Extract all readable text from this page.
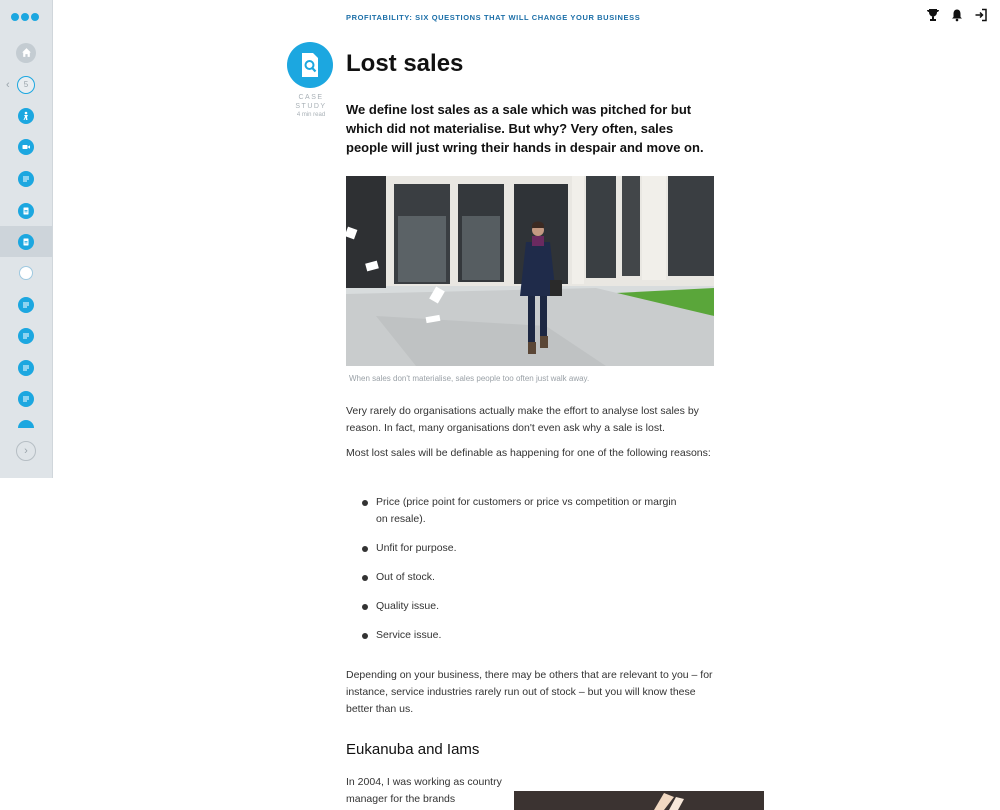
‹ 5
›
PROFITABILITY: SIX QUESTIONS THAT WILL CHANGE YOUR BUSINESS
CASE STUDY
4 min read
Lost sales

We define lost sales as a sale which was pitched for but which did not materialise. But why? Very often, sales people will just wring their hands in despair and move on.

When sales don't materialise, sales people too often just walk away.

Very rarely do organisations actually make the effort to analyse lost sales by reason. In fact, many organisations don't even ask why a sale is lost.

Most lost sales will be definable as happening for one of the following reasons:

Price (price point for customers or price vs competition or margin on resale).
Unfit for purpose.
Out of stock.
Quality issue.
Service issue.

Depending on your business, there may be others that are relevant to you – for instance, service industries rarely run out of stock – but you will know these better than us.

Eukanuba and Iams

In 2004, I was working as country manager for the brands
